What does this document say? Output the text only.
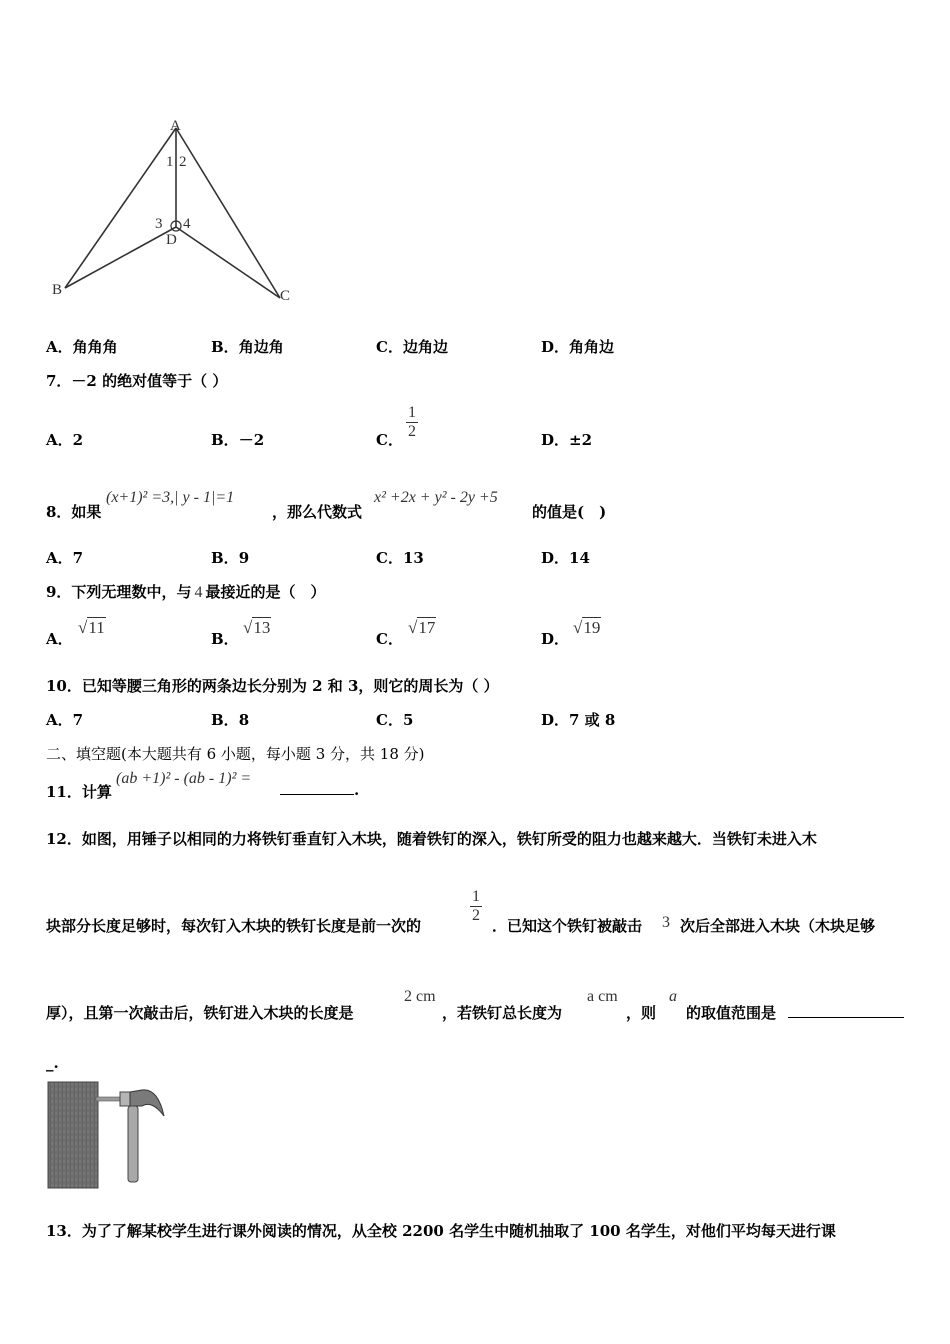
A
B	C
D
1 2
3 4
A．角角角	B．角边角	C．边角边	D．角角边
7．－2 的绝对值等于（ ）
A．2	B．－2	C．
1
2	D．±2
8．如果
(x+1)² =3,| y - 1|=1
，那么代数式
x² +2x + y² - 2y +5
的值是(　)
A．7	B．9	C．13	D．14
9．下列无理数中，与 4 最接近的是（　）
A．
√11
B．
√13
C．
√17
D．
√19
10．已知等腰三角形的两条边长分别为 2 和 3，则它的周长为（ ）
A．7	B．8	C．5	D．7 或 8
二、填空题(本大题共有 6 小题，每小题 3 分，共 18 分)
11．计算
(ab +1)² - (ab - 1)² =
.
12．如图，用锤子以相同的力将铁钉垂直钉入木块，随着铁钉的深入，铁钉所受的阻力也越来越大．当铁钉未进入木
块部分长度足够时，每次钉入木块的铁钉长度是前一次的
1
2
．已知这个铁钉被敲击 3 次后全部进入木块（木块足够
厚），且第一次敲击后，铁钉进入木块的长度是
2 cm
，若铁钉总长度为
a cm
，则
a
的取值范围是
_.
13．为了了解某校学生进行课外阅读的情况，从全校 2200 名学生中随机抽取了 100 名学生，对他们平均每天进行课
